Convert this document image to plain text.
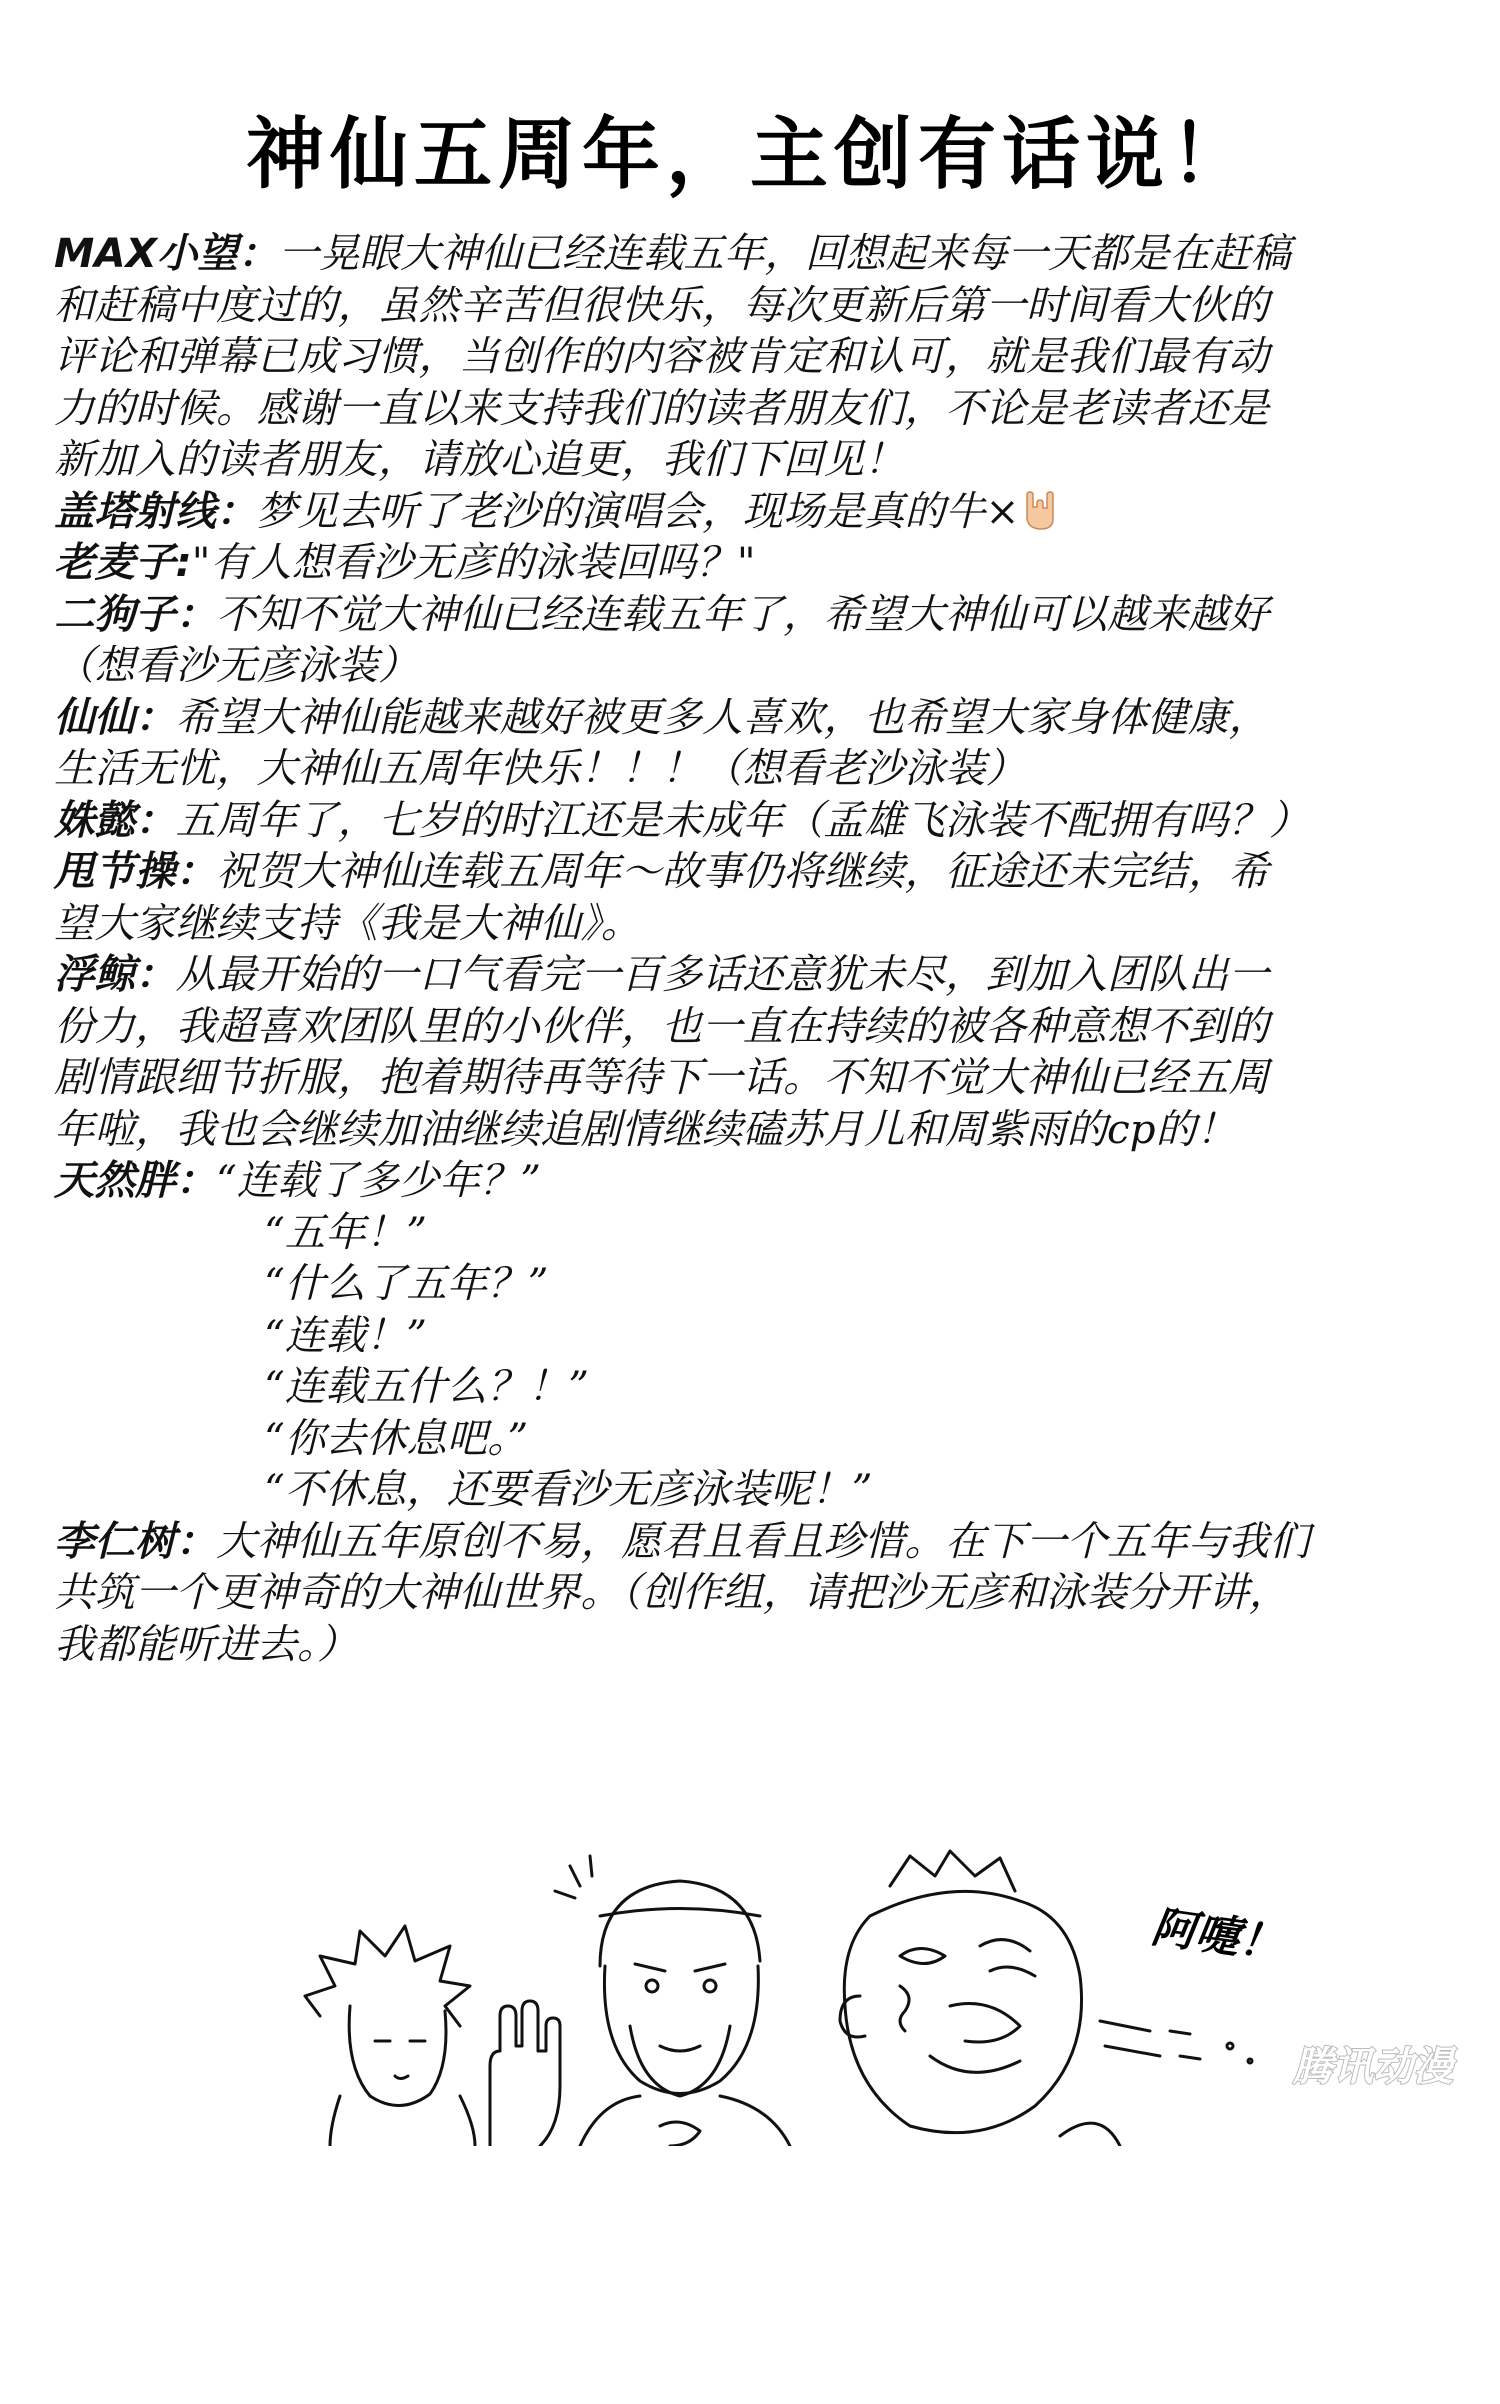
神仙五周年，主创有话说！

MAX小望：一晃眼大神仙已经连载五年，回想起来每一天都是在赶稿
和赶稿中度过的，虽然辛苦但很快乐，每次更新后第一时间看大伙的
评论和弹幕已成习惯，当创作的内容被肯定和认可，就是我们最有动
力的时候。感谢一直以来支持我们的读者朋友们，不论是老读者还是
新加入的读者朋友，请放心追更，我们下回见！

盖塔射线：梦见去听了老沙的演唱会，现场是真的牛×

老麦子:"有人想看沙无彦的泳装回吗？"

二狗子：不知不觉大神仙已经连载五年了，希望大神仙可以越来越好
（想看沙无彦泳装）

仙仙：希望大神仙能越来越好被更多人喜欢，也希望大家身体健康，
生活无忧，大神仙五周年快乐！！！（想看老沙泳装）

姝懿：五周年了，七岁的时江还是未成年（孟雄飞泳装不配拥有吗？）

甩节操：祝贺大神仙连载五周年～故事仍将继续，征途还未完结，希
望大家继续支持《我是大神仙》。

浮鲸：从最开始的一口气看完一百多话还意犹未尽，到加入团队出一
份力，我超喜欢团队里的小伙伴，也一直在持续的被各种意想不到的
剧情跟细节折服，抱着期待再等待下一话。不知不觉大神仙已经五周
年啦，我也会继续加油继续追剧情继续磕苏月儿和周紫雨的cp的！

天然胖：“连载了多少年？”
“五年！”
“什么了五年？”
“连载！”
“连载五什么？！”
“你去休息吧。”
“不休息，还要看沙无彦泳装呢！”

李仁树：大神仙五年原创不易，愿君且看且珍惜。在下一个五年与我们
共筑一个更神奇的大神仙世界。（创作组，请把沙无彦和泳装分开讲，
我都能听进去。）

阿嚏！
腾讯动漫
